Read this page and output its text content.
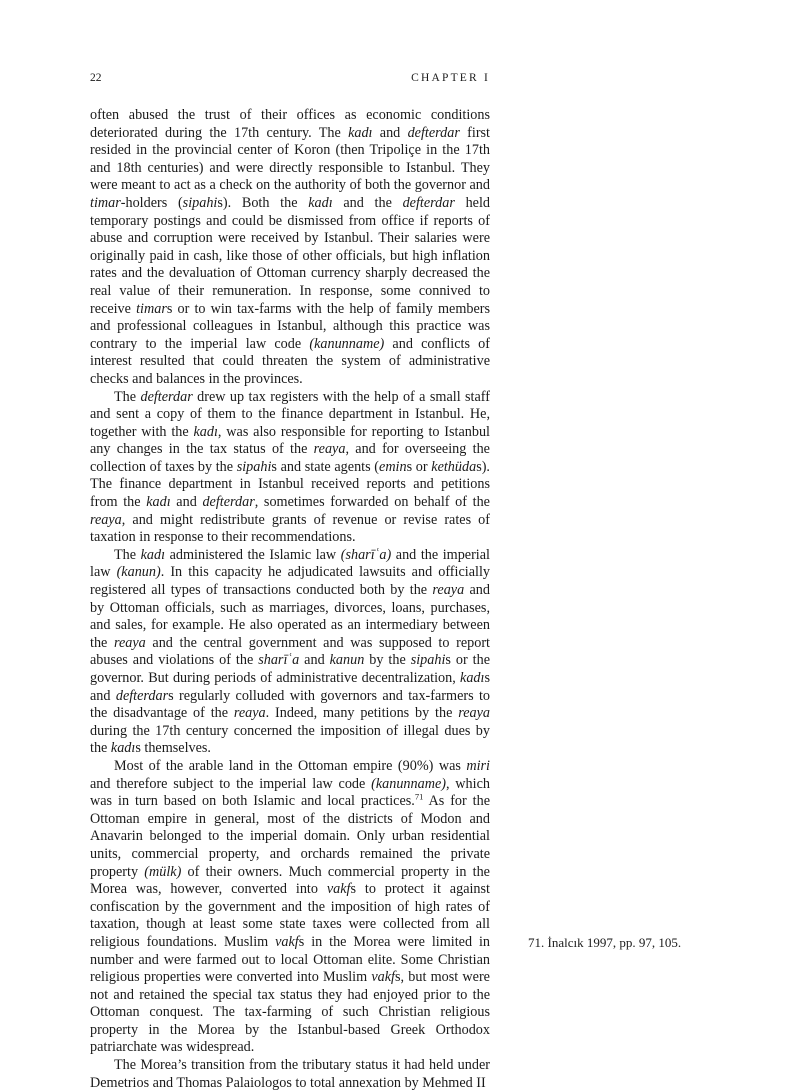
22	CHAPTER I

often abused the trust of their offices as economic conditions deteriorated during the 17th century. The kadı and defterdar first resided in the provincial center of Koron (then Tripoliçe in the 17th and 18th centuries) and were directly responsible to Istanbul. They were meant to act as a check on the authority of both the governor and timar-holders (sipahis). Both the kadı and the defterdar held temporary postings and could be dismissed from office if reports of abuse and corruption were received by Istanbul. Their salaries were originally paid in cash, like those of other officials, but high inflation rates and the devaluation of Ottoman currency sharply decreased the real value of their remuneration. In response, some connived to receive timars or to win tax-farms with the help of family members and professional colleagues in Istanbul, although this practice was contrary to the imperial law code (kanunname) and conflicts of interest resulted that could threaten the system of administrative checks and balances in the provinces.

The defterdar drew up tax registers with the help of a small staff and sent a copy of them to the finance department in Istanbul. He, together with the kadı, was also responsible for reporting to Istanbul any changes in the tax status of the reaya, and for overseeing the collection of taxes by the sipahis and state agents (emins or kethüdas). The finance department in Istanbul received reports and petitions from the kadı and defterdar, sometimes forwarded on behalf of the reaya, and might redistribute grants of revenue or revise rates of taxation in response to their recommendations.

The kadı administered the Islamic law (sharīʿa) and the imperial law (kanun). In this capacity he adjudicated lawsuits and officially registered all types of transactions conducted both by the reaya and by Ottoman officials, such as marriages, divorces, loans, purchases, and sales, for example. He also operated as an intermediary between the reaya and the central government and was supposed to report abuses and violations of the sharīʿa and kanun by the sipahis or the governor. But during periods of administrative decentralization, kadıs and defterdars regularly colluded with governors and tax-farmers to the disadvantage of the reaya. Indeed, many petitions by the reaya during the 17th century concerned the imposition of illegal dues by the kadıs themselves.

Most of the arable land in the Ottoman empire (90%) was miri and therefore subject to the imperial law code (kanunname), which was in turn based on both Islamic and local practices.$^{71}$ As for the Ottoman empire in general, most of the districts of Modon and Anavarin belonged to the imperial domain. Only urban residential units, commercial property, and orchards remained the private property (mülk) of their owners. Much commercial property in the Morea was, however, converted into vakfs to protect it against confiscation by the government and the imposition of high rates of taxation, though at least some state taxes were collected from all religious foundations. Muslim vakfs in the Morea were limited in number and were farmed out to local Ottoman elite. Some Christian religious properties were converted into Muslim vakfs, but most were not and retained the special tax status they had enjoyed prior to the Ottoman conquest. The tax-farming of such Christian religious property in the Morea by the Istanbul-based Greek Orthodox patriarchate was widespread.

The Morea’s transition from the tributary status it had held under Demetrios and Thomas Palaiologos to total annexation by Mehmed II

71. İnalcık 1997, pp. 97, 105.
